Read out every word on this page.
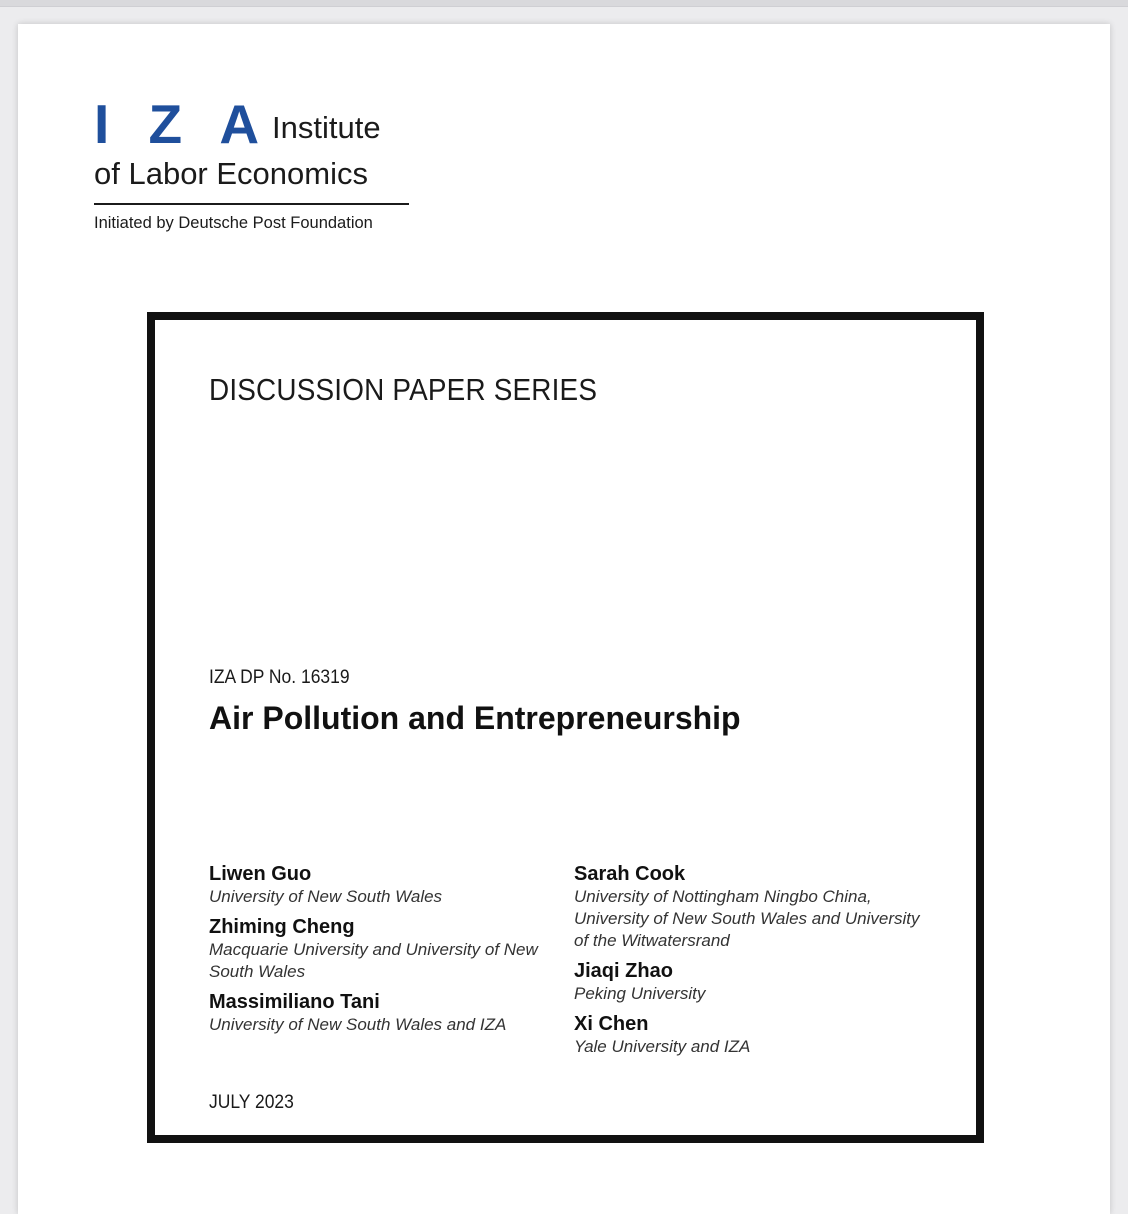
I Z A Institute
of Labor Economics
Initiated by Deutsche Post Foundation
DISCUSSION PAPER SERIES
IZA DP No. 16319
Air Pollution and Entrepreneurship
Liwen Guo
University of New South Wales
Zhiming Cheng
Macquarie University and University of New South Wales
Massimiliano Tani
University of New South Wales and IZA
Sarah Cook
University of Nottingham Ningbo China, University of New South Wales and University of the Witwatersrand
Jiaqi Zhao
Peking University
Xi Chen
Yale University and IZA
JULY 2023
